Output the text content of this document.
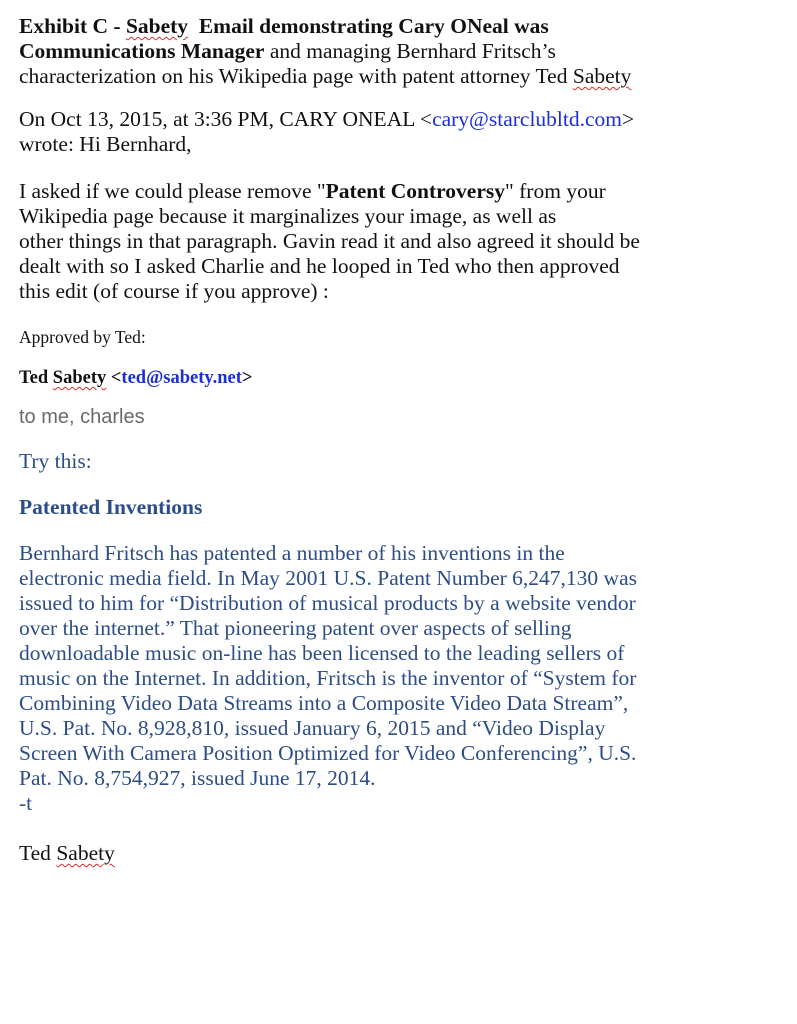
Exhibit C - Sabety  Email demonstrating Cary ONeal was
Communications Manager and managing Bernhard Fritsch’s
characterization on his Wikipedia page with patent attorney Ted Sabety

On Oct 13, 2015, at 3:36 PM, CARY ONEAL <cary@starclubltd.com>
wrote: Hi Bernhard,

I asked if we could please remove "Patent Controversy" from your
Wikipedia page because it marginalizes your image, as well as
other things in that paragraph. Gavin read it and also agreed it should be
dealt with so I asked Charlie and he looped in Ted who then approved
this edit (of course if you approve) :

Approved by Ted:

Ted Sabety <ted@sabety.net>

to me, charles

Try this:

Patented Inventions

Bernhard Fritsch has patented a number of his inventions in the
electronic media field. In May 2001 U.S. Patent Number 6,247,130 was
issued to him for “Distribution of musical products by a website vendor
over the internet.” That pioneering patent over aspects of selling
downloadable music on-line has been licensed to the leading sellers of
music on the Internet. In addition, Fritsch is the inventor of “System for
Combining Video Data Streams into a Composite Video Data Stream”,
U.S. Pat. No. 8,928,810, issued January 6, 2015 and “Video Display
Screen With Camera Position Optimized for Video Conferencing”, U.S.
Pat. No. 8,754,927, issued June 17, 2014.
-t

Ted Sabety
